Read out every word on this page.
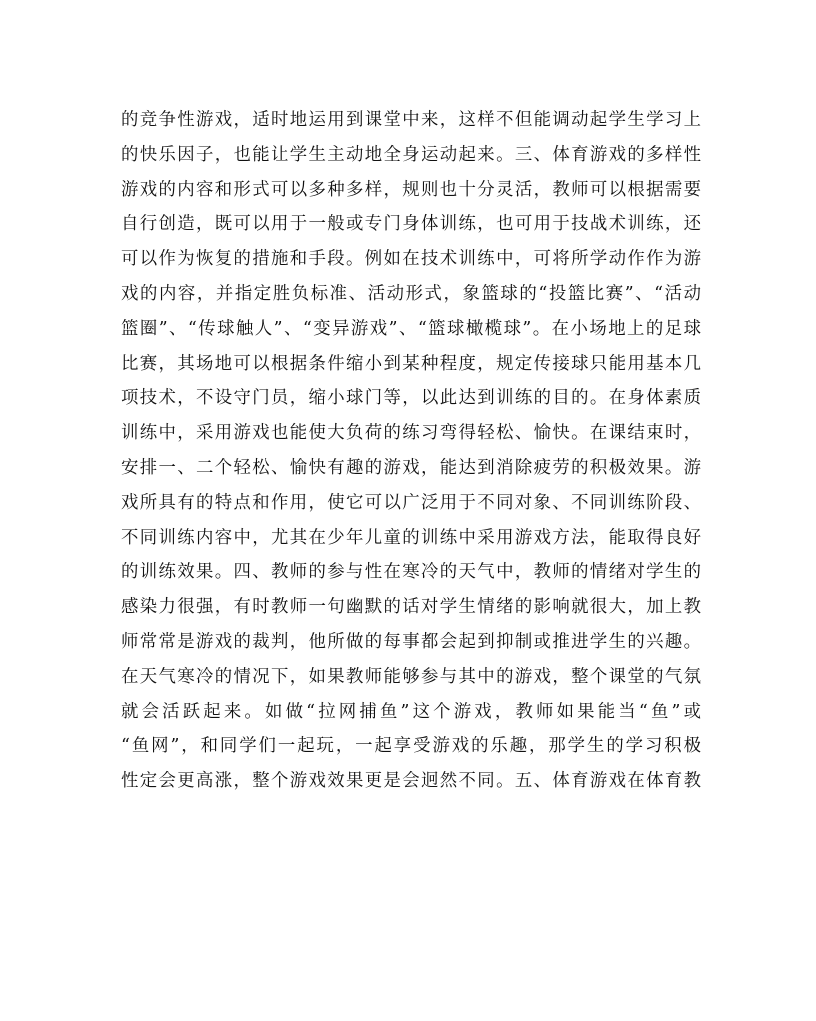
的竞争性游戏，适时地运用到课堂中来，这样不但能调动起学生学习上
的快乐因子，也能让学生主动地全身运动起来。三、体育游戏的多样性
游戏的内容和形式可以多种多样，规则也十分灵活，教师可以根据需要
自行创造，既可以用于一般或专门身体训练，也可用于技战术训练，还
可以作为恢复的措施和手段。例如在技术训练中，可将所学动作作为游
戏的内容，并指定胜负标准、活动形式，象篮球的“投篮比赛”、“活动
篮圈”、“传球触人”、“变异游戏”、“篮球橄榄球”。在小场地上的足球
比赛，其场地可以根据条件缩小到某种程度，规定传接球只能用基本几
项技术，不设守门员，缩小球门等，以此达到训练的目的。在身体素质
训练中，采用游戏也能使大负荷的练习弯得轻松、愉快。在课结束时，
安排一、二个轻松、愉快有趣的游戏，能达到消除疲劳的积极效果。游
戏所具有的特点和作用，使它可以广泛用于不同对象、不同训练阶段、
不同训练内容中，尤其在少年儿童的训练中采用游戏方法，能取得良好
的训练效果。四、教师的参与性在寒冷的天气中，教师的情绪对学生的
感染力很强，有时教师一句幽默的话对学生情绪的影响就很大，加上教
师常常是游戏的裁判，他所做的每事都会起到抑制或推进学生的兴趣。
在天气寒冷的情况下，如果教师能够参与其中的游戏，整个课堂的气氛
就会活跃起来。如做“拉网捕鱼”这个游戏，教师如果能当“鱼”或
“鱼网”，和同学们一起玩，一起享受游戏的乐趣，那学生的学习积极
性定会更高涨，整个游戏效果更是会迥然不同。五、体育游戏在体育教
